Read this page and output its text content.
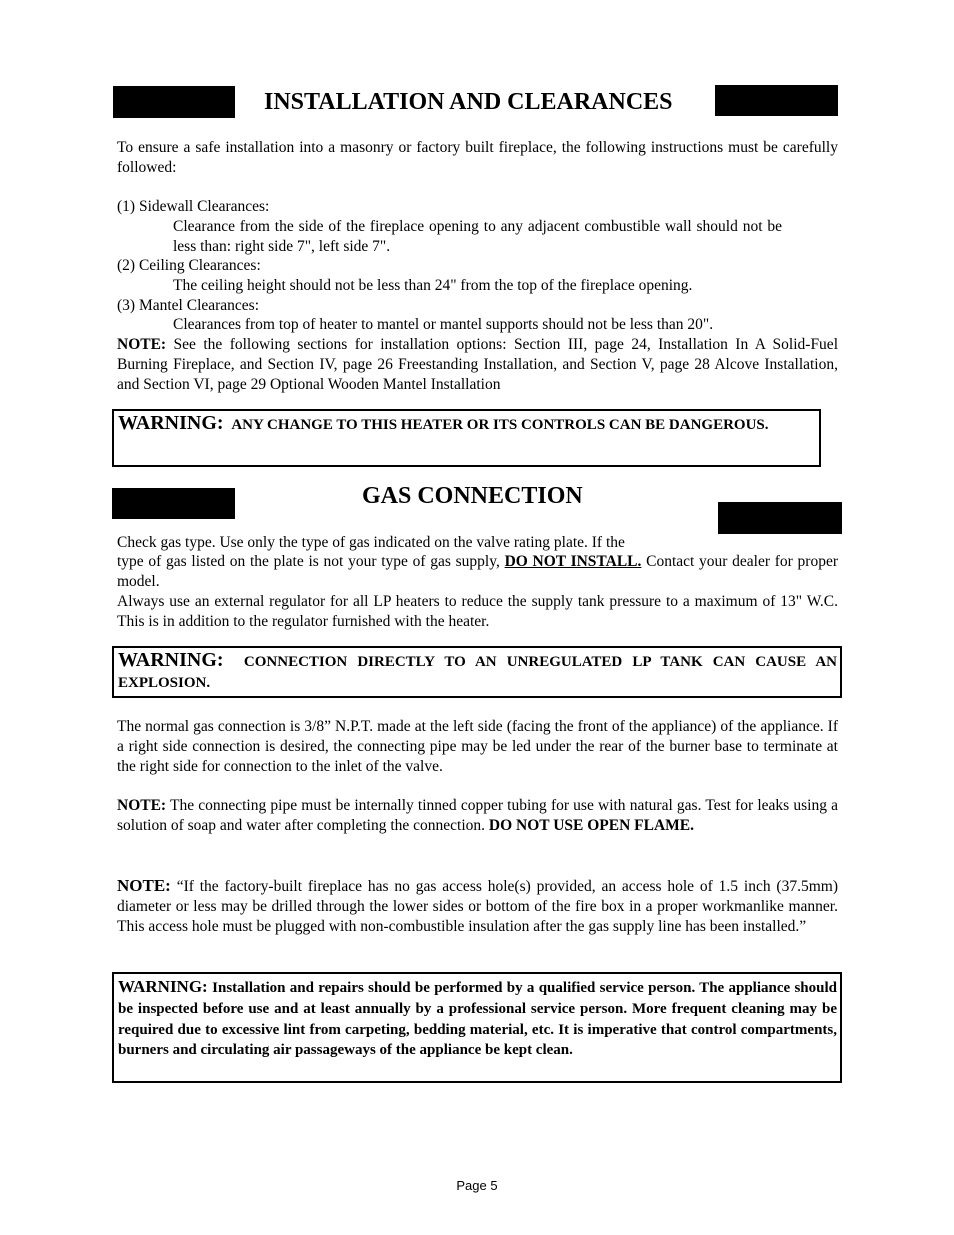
INSTALLATION AND CLEARANCES
To ensure a safe installation into a masonry or factory built fireplace, the following instructions must be carefully followed:
(1) Sidewall Clearances:
Clearance from the side of the fireplace opening to any adjacent combustible wall should not be less than: right side 7", left side 7".
(2) Ceiling Clearances:
The ceiling height should not be less than 24" from the top of the fireplace opening.
(3) Mantel Clearances:
Clearances from top of heater to mantel or mantel supports should not be less than 20".
NOTE: See the following sections for installation options: Section III, page 24, Installation In A Solid-Fuel Burning Fireplace, and Section IV, page 26 Freestanding Installation, and Section V, page 28 Alcove Installation, and Section VI, page 29 Optional Wooden Mantel Installation
WARNING: ANY CHANGE TO THIS HEATER OR ITS CONTROLS CAN BE DANGEROUS.
GAS CONNECTION
Check gas type. Use only the type of gas indicated on the valve rating plate. If the
type of gas listed on the plate is not your type of gas supply, DO NOT INSTALL. Contact your dealer for proper model.
Always use an external regulator for all LP heaters to reduce the supply tank pressure to a maximum of 13" W.C. This is in addition to the regulator furnished with the heater.
WARNING: CONNECTION DIRECTLY TO AN UNREGULATED LP TANK CAN CAUSE AN EXPLOSION.
The normal gas connection is 3/8” N.P.T. made at the left side (facing the front of the appliance) of the appliance. If a right side connection is desired, the connecting pipe may be led under the rear of the burner base to terminate at the right side for connection to the inlet of the valve.
NOTE: The connecting pipe must be internally tinned copper tubing for use with natural gas. Test for leaks using a solution of soap and water after completing the connection. DO NOT USE OPEN FLAME.
NOTE: “If the factory-built fireplace has no gas access hole(s) provided, an access hole of 1.5 inch (37.5mm) diameter or less may be drilled through the lower sides or bottom of the fire box in a proper workmanlike manner. This access hole must be plugged with non-combustible insulation after the gas supply line has been installed.”
WARNING: Installation and repairs should be performed by a qualified service person. The appliance should be inspected before use and at least annually by a professional service person. More frequent cleaning may be required due to excessive lint from carpeting, bedding material, etc. It is imperative that control compartments, burners and circulating air passageways of the appliance be kept clean.
Page 5
